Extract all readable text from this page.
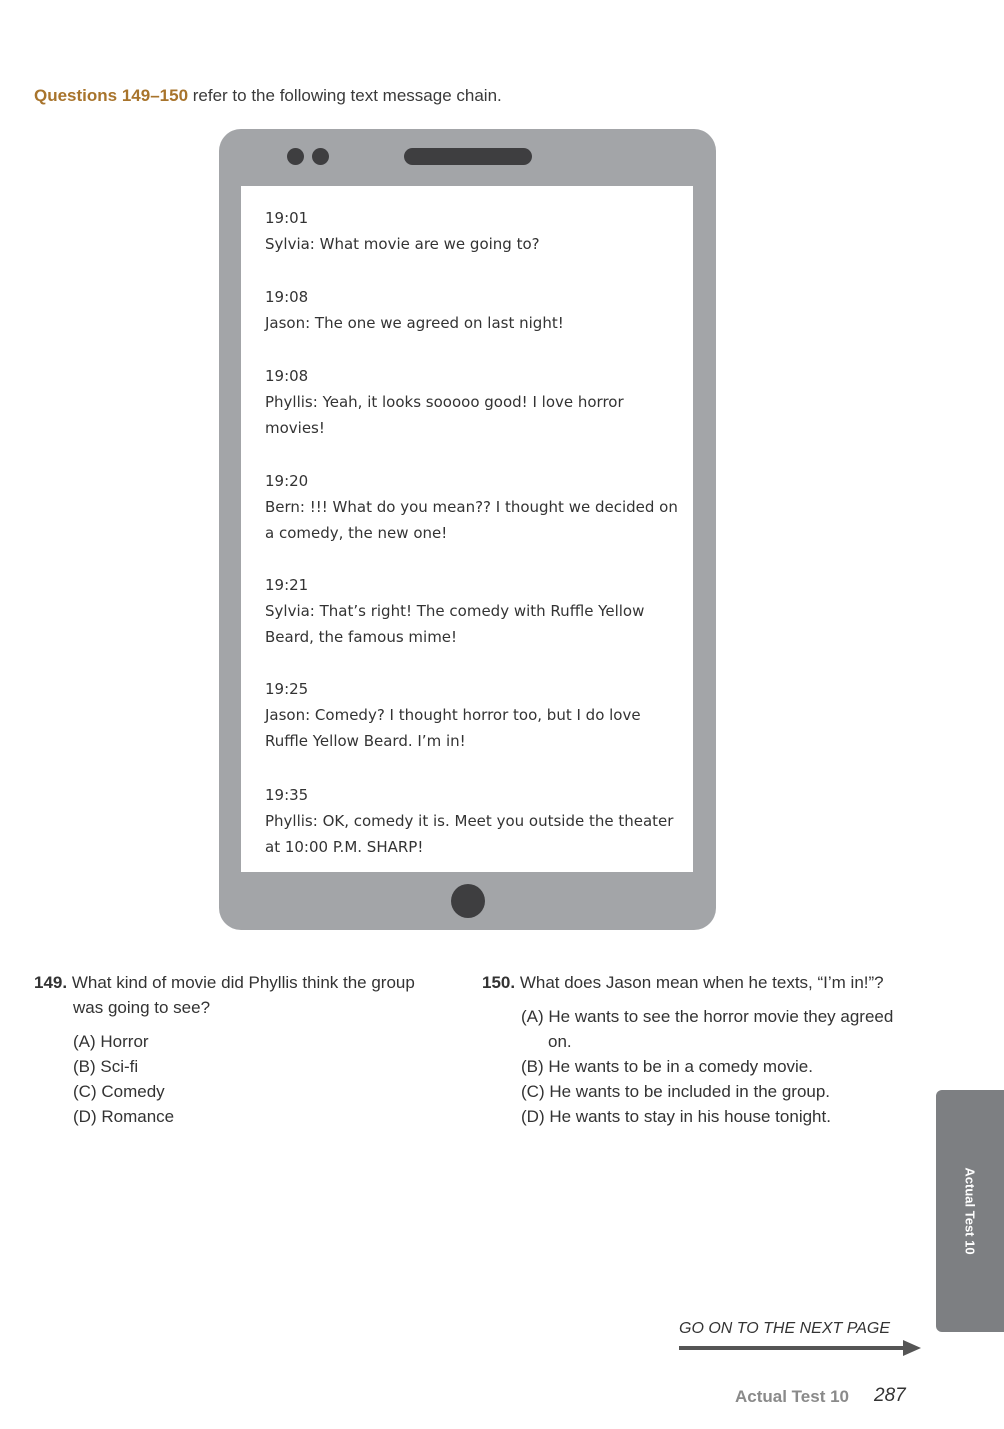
Questions 149–150 refer to the following text message chain.
19:01
Sylvia: What movie are we going to?
19:08
Jason: The one we agreed on last night!
19:08
Phyllis: Yeah, it looks sooooo good! I love horror movies!
19:20
Bern: !!! What do you mean?? I thought we decided on a comedy, the new one!
19:21
Sylvia: That’s right! The comedy with Ruffle Yellow Beard, the famous mime!
19:25
Jason: Comedy? I thought horror too, but I do love Ruffle Yellow Beard. I’m in!
19:35
Phyllis: OK, comedy it is. Meet you outside the theater at 10:00 P.M. SHARP!
149. What kind of movie did Phyllis think the group was going to see?
(A) Horror
(B) Sci-fi
(C) Comedy
(D) Romance
150. What does Jason mean when he texts, “I’m in!”?
(A) He wants to see the horror movie they agreed on.
(B) He wants to be in a comedy movie.
(C) He wants to be included in the group.
(D) He wants to stay in his house tonight.
Actual Test 10
GO ON TO THE NEXT PAGE
Actual Test 10 287
